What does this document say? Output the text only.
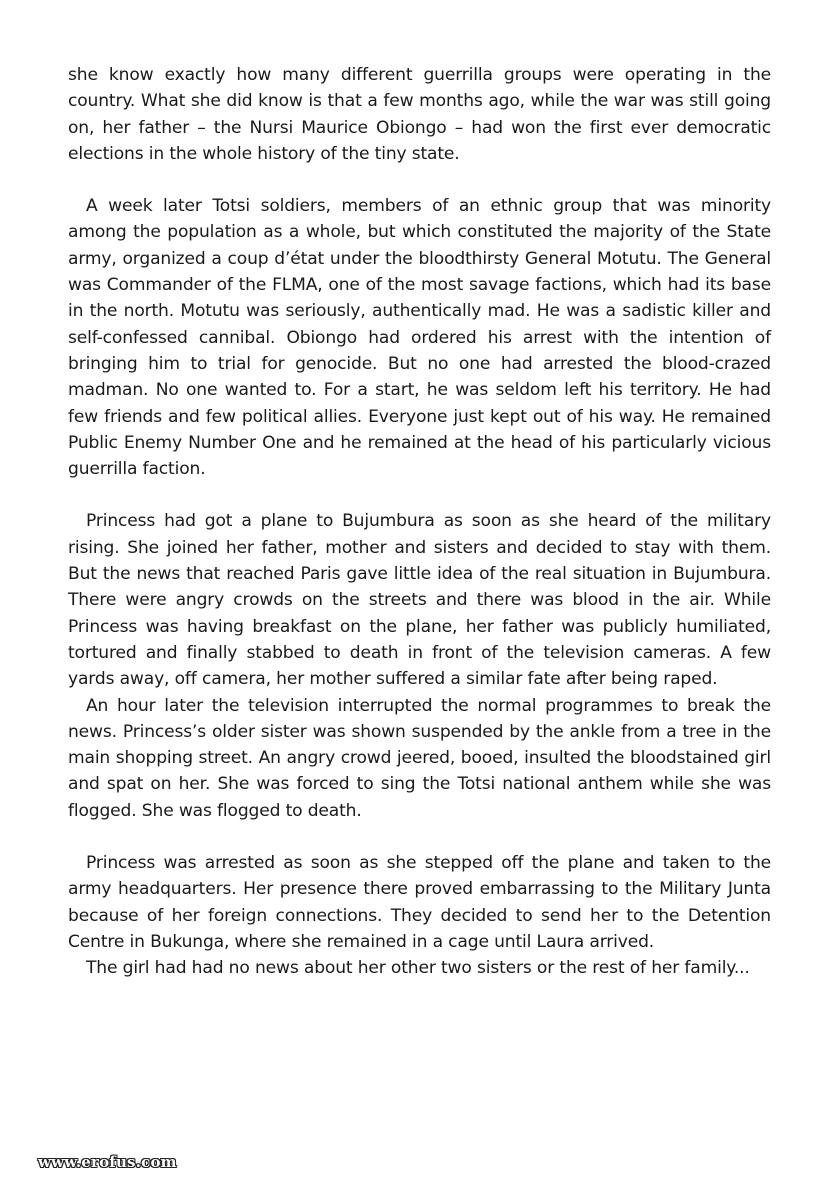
she know exactly how many different guerrilla groups were operating in the country. What she did know is that a few months ago, while the war was still going on, her father – the Nursi Maurice Obiongo – had won the first ever democratic elections in the whole history of the tiny state.

A week later Totsi soldiers, members of an ethnic group that was minority among the population as a whole, but which constituted the majority of the State army, organized a coup d’état under the bloodthirsty General Motutu. The General was Commander of the FLMA, one of the most savage factions, which had its base in the north. Motutu was seriously, authentically mad. He was a sadistic killer and self-confessed cannibal. Obiongo had ordered his arrest with the intention of bringing him to trial for genocide. But no one had arrested the blood-crazed madman. No one wanted to. For a start, he was seldom left his territory. He had few friends and few political allies. Everyone just kept out of his way. He remained Public Enemy Number One and he remained at the head of his particularly vicious guerrilla faction.

Princess had got a plane to Bujumbura as soon as she heard of the military rising. She joined her father, mother and sisters and decided to stay with them. But the news that reached Paris gave little idea of the real situation in Bujumbura. There were angry crowds on the streets and there was blood in the air. While Princess was having breakfast on the plane, her father was publicly humiliated, tortured and finally stabbed to death in front of the television cameras. A few yards away, off camera, her mother suffered a similar fate after being raped.

An hour later the television interrupted the normal programmes to break the news. Princess’s older sister was shown suspended by the ankle from a tree in the main shopping street. An angry crowd jeered, booed, insulted the bloodstained girl and spat on her. She was forced to sing the Totsi national anthem while she was flogged. She was flogged to death.

Princess was arrested as soon as she stepped off the plane and taken to the army headquarters. Her presence there proved embarrassing to the Military Junta because of her foreign connections. They decided to send her to the Detention Centre in Bukunga, where she remained in a cage until Laura arrived.

The girl had had no news about her other two sisters or the rest of her family...

www.erofus.com
